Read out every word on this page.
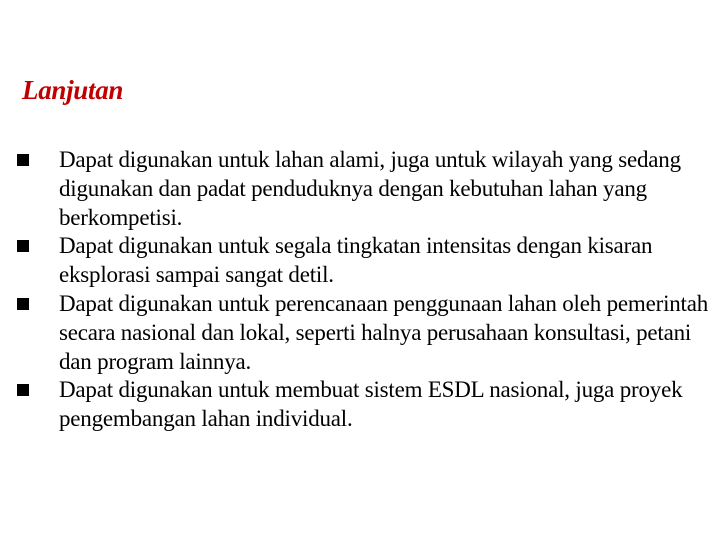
Lanjutan
Dapat digunakan untuk lahan alami, juga untuk wilayah yang sedang digunakan dan padat penduduknya dengan kebutuhan lahan yang berkompetisi.
Dapat digunakan untuk segala tingkatan intensitas dengan kisaran eksplorasi sampai sangat detil.
Dapat digunakan untuk perencanaan penggunaan lahan oleh pemerintah secara nasional dan lokal, seperti halnya perusahaan konsultasi, petani dan program lainnya.
Dapat digunakan untuk membuat sistem ESDL nasional, juga proyek pengembangan lahan individual.
